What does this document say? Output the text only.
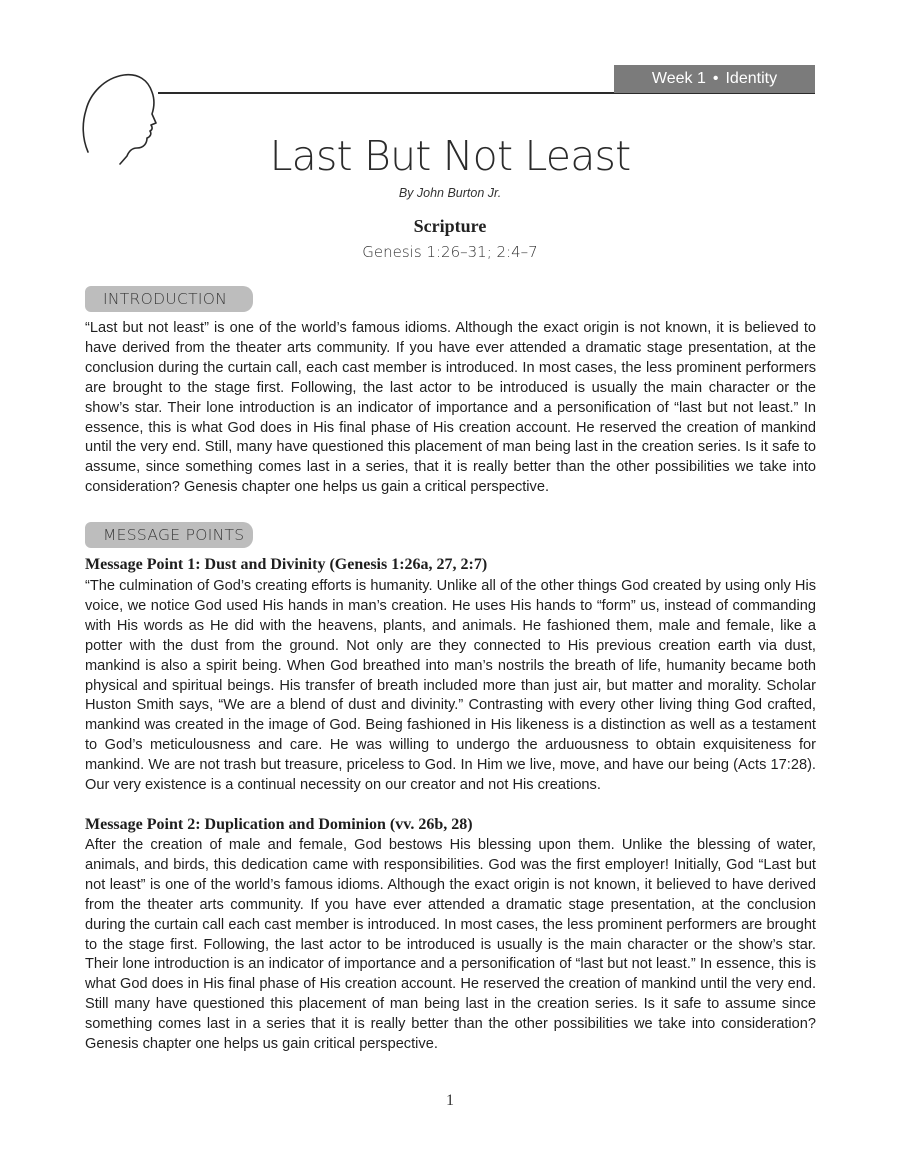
Week 1 • Identity
Last But Not Least
By John Burton Jr.
Scripture
Genesis 1:26–31; 2:4–7
INTRODUCTION

“Last but not least” is one of the world’s famous idioms. Although the exact origin is not known, it is believed to have derived from the theater arts community. If you have ever attended a dramatic stage presentation, at the conclusion during the curtain call, each cast member is introduced. In most cases, the less prominent performers are brought to the stage first. Following, the last actor to be introduced is usually the main character or the show’s star. Their lone introduction is an indicator of importance and a personification of “last but not least.” In essence, this is what God does in His final phase of His creation account. He reserved the creation of mankind until the very end. Still, many have questioned this placement of man being last in the creation series. Is it safe to assume, since something comes last in a series, that it is really better than the other possibilities we take into consideration? Genesis chapter one helps us gain a critical perspective.

MESSAGE POINTS
Message Point 1: Dust and Divinity (Genesis 1:26a, 27, 2:7)

“The culmination of God’s creating efforts is humanity. Unlike all of the other things God created by using only His voice, we notice God used His hands in man’s creation. He uses His hands to “form” us, instead of commanding with His words as He did with the heavens, plants, and animals. He fashioned them, male and female, like a potter with the dust from the ground. Not only are they connected to His previous creation earth via dust, mankind is also a spirit being. When God breathed into man’s nostrils the breath of life, humanity became both physical and spiritual beings. His transfer of breath included more than just air, but matter and morality. Scholar Huston Smith says, “We are a blend of dust and divinity.” Contrasting with every other living thing God crafted, mankind was created in the image of God. Being fashioned in His likeness is a distinction as well as a testament to God’s meticulousness and care. He was willing to undergo the arduousness to obtain exquisiteness for mankind. We are not trash but treasure, priceless to God. In Him we live, move, and have our being (Acts 17:28). Our very existence is a continual necessity on our creator and not His creations.

Message Point 2: Duplication and Dominion (vv. 26b, 28)

After the creation of male and female, God bestows His blessing upon them. Unlike the blessing of water, animals, and birds, this dedication came with responsibilities. God was the first employer! Initially, God “Last but not least” is one of the world’s famous idioms. Although the exact origin is not known, it believed to have derived from the theater arts community. If you have ever attended a dramatic stage presentation, at the conclusion during the curtain call each cast member is introduced. In most cases, the less prominent performers are brought to the stage first. Following, the last actor to be introduced is usually is the main character or the show’s star. Their lone introduction is an indicator of importance and a personification of “last but not least.” In essence, this is what God does in His final phase of His creation account. He reserved the creation of mankind until the very end. Still many have questioned this placement of man being last in the creation series. Is it safe to assume since something comes last in a series that it is really better than the other possibilities we take into consideration? Genesis chapter one helps us gain critical perspective.

1
